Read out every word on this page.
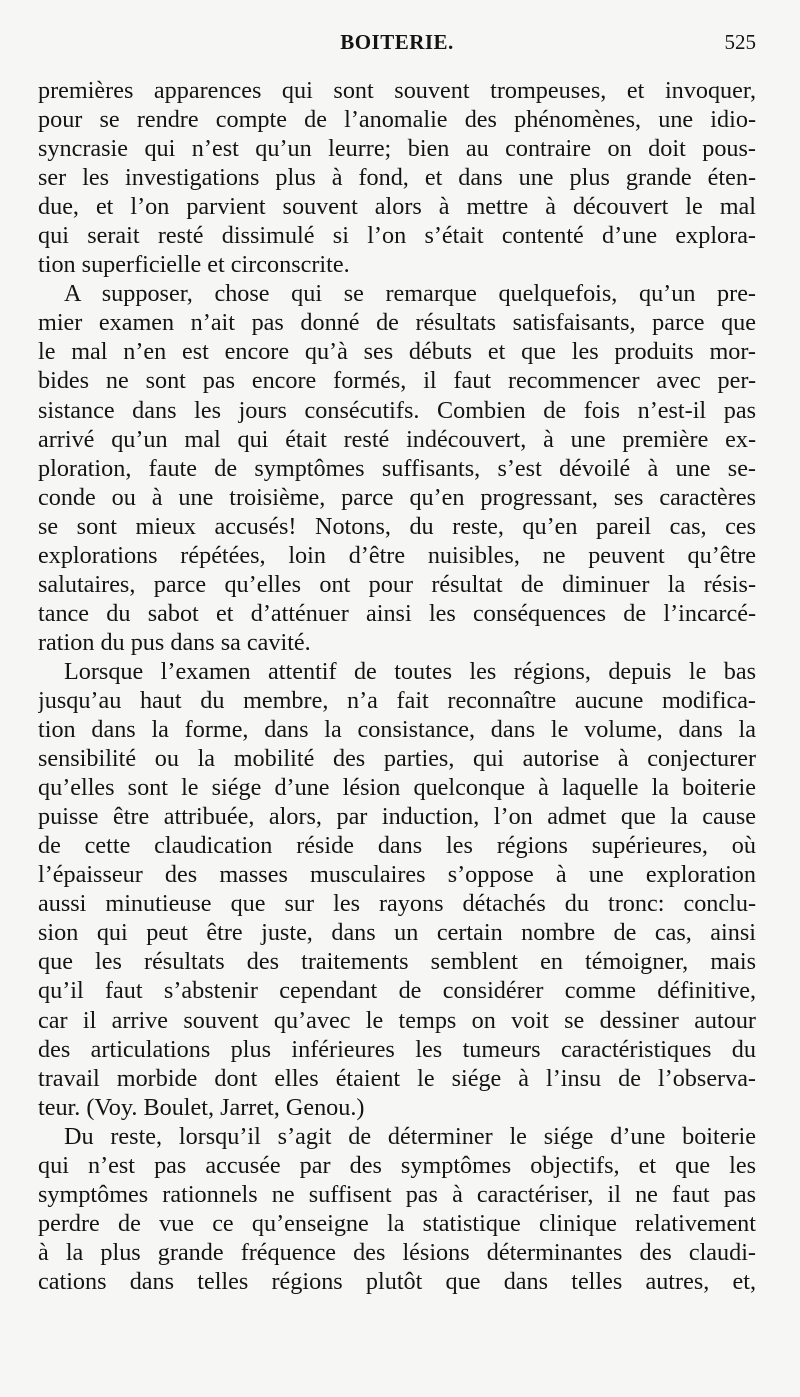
BOITERIE.	525
premières apparences qui sont souvent trompeuses, et invoquer,
pour se rendre compte de l’anomalie des phénomènes, une idio-
syncrasie qui n’est qu’un leurre; bien au contraire on doit pous-
ser les investigations plus à fond, et dans une plus grande éten-
due, et l’on parvient souvent alors à mettre à découvert le mal
qui serait resté dissimulé si l’on s’était contenté d’une explora-
tion superficielle et circonscrite.
A supposer, chose qui se remarque quelquefois, qu’un pre-
mier examen n’ait pas donné de résultats satisfaisants, parce que
le mal n’en est encore qu’à ses débuts et que les produits mor-
bides ne sont pas encore formés, il faut recommencer avec per-
sistance dans les jours consécutifs. Combien de fois n’est-il pas
arrivé qu’un mal qui était resté indécouvert, à une première ex-
ploration, faute de symptômes suffisants, s’est dévoilé à une se-
conde ou à une troisième, parce qu’en progressant, ses caractères
se sont mieux accusés! Notons, du reste, qu’en pareil cas, ces
explorations répétées, loin d’être nuisibles, ne peuvent qu’être
salutaires, parce qu’elles ont pour résultat de diminuer la résis-
tance du sabot et d’atténuer ainsi les conséquences de l’incarcé-
ration du pus dans sa cavité.
Lorsque l’examen attentif de toutes les régions, depuis le bas
jusqu’au haut du membre, n’a fait reconnaître aucune modifica-
tion dans la forme, dans la consistance, dans le volume, dans la
sensibilité ou la mobilité des parties, qui autorise à conjecturer
qu’elles sont le siége d’une lésion quelconque à laquelle la boiterie
puisse être attribuée, alors, par induction, l’on admet que la cause
de cette claudication réside dans les régions supérieures, où
l’épaisseur des masses musculaires s’oppose à une exploration
aussi minutieuse que sur les rayons détachés du tronc: conclu-
sion qui peut être juste, dans un certain nombre de cas, ainsi
que les résultats des traitements semblent en témoigner, mais
qu’il faut s’abstenir cependant de considérer comme définitive,
car il arrive souvent qu’avec le temps on voit se dessiner autour
des articulations plus inférieures les tumeurs caractéristiques du
travail morbide dont elles étaient le siége à l’insu de l’observa-
teur. (Voy. Boulet, Jarret, Genou.)
Du reste, lorsqu’il s’agit de déterminer le siége d’une boiterie
qui n’est pas accusée par des symptômes objectifs, et que les
symptômes rationnels ne suffisent pas à caractériser, il ne faut pas
perdre de vue ce qu’enseigne la statistique clinique relativement
à la plus grande fréquence des lésions déterminantes des claudi-
cations dans telles régions plutôt que dans telles autres, et,
